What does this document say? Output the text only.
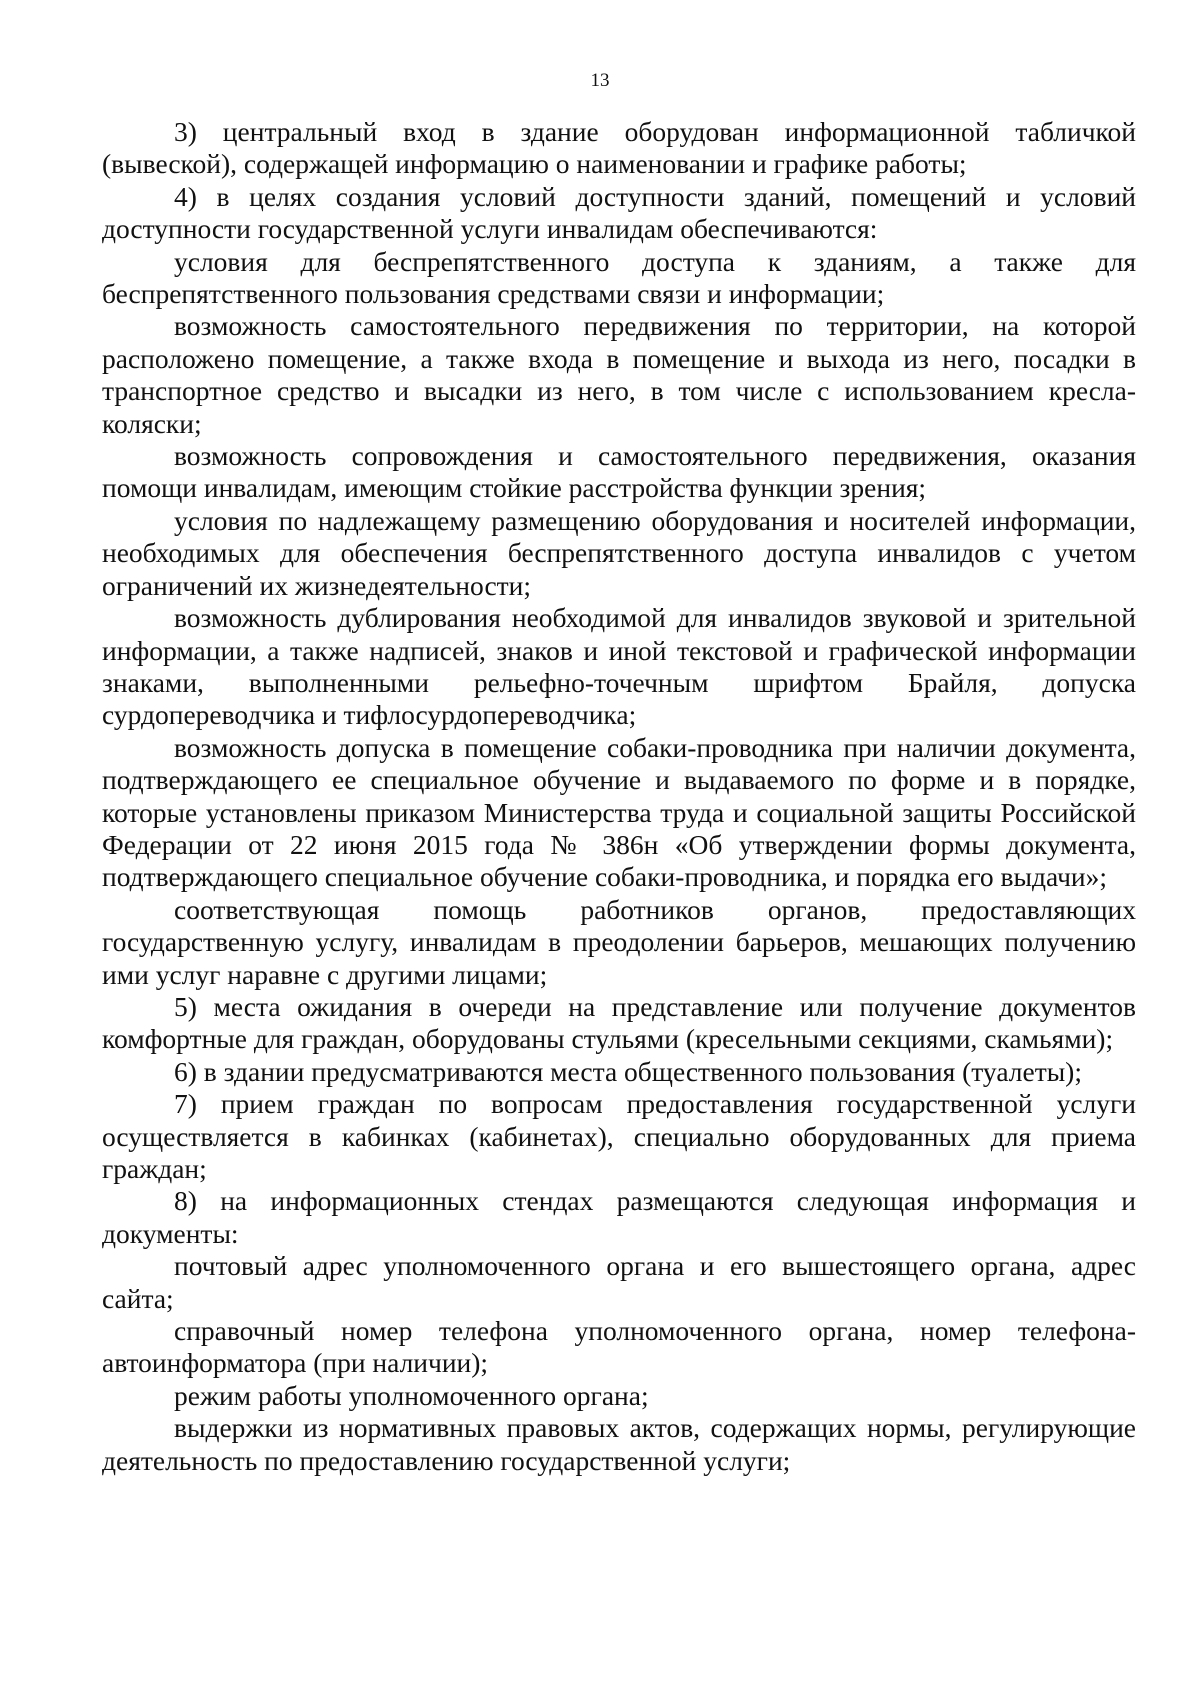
13

3) центральный вход в здание оборудован информационной табличкой (вывеской), содержащей информацию о наименовании и графике работы;

4) в целях создания условий доступности зданий, помещений и условий доступности государственной услуги инвалидам обеспечиваются:

условия для беспрепятственного доступа к зданиям, а также для беспрепятственного пользования средствами связи и информации;

возможность самостоятельного передвижения по территории, на которой расположено помещение, а также входа в помещение и выхода из него, посадки в транспортное средство и высадки из него, в том числе с использованием кресла-коляски;

возможность сопровождения и самостоятельного передвижения, оказания помощи инвалидам, имеющим стойкие расстройства функции зрения;

условия по надлежащему размещению оборудования и носителей информации, необходимых для обеспечения беспрепятственного доступа инвалидов с учетом ограничений их жизнедеятельности;

возможность дублирования необходимой для инвалидов звуковой и зрительной информации, а также надписей, знаков и иной текстовой и графической информации знаками, выполненными рельефно-точечным шрифтом Брайля, допуска сурдопереводчика и тифлосурдопереводчика;

возможность допуска в помещение собаки-проводника при наличии документа, подтверждающего ее специальное обучение и выдаваемого по форме и в порядке, которые установлены приказом Министерства труда и социальной защиты Российской Федерации от 22 июня 2015 года № 386н «Об утверждении формы документа, подтверждающего специальное обучение собаки-проводника, и порядка его выдачи»;

соответствующая помощь работников органов, предоставляющих государственную услугу, инвалидам в преодолении барьеров, мешающих получению ими услуг наравне с другими лицами;

5) места ожидания в очереди на представление или получение документов комфортные для граждан, оборудованы стульями (кресельными секциями, скамьями);

6) в здании предусматриваются места общественного пользования (туалеты);

7) прием граждан по вопросам предоставления государственной услуги осуществляется в кабинках (кабинетах), специально оборудованных для приема граждан;

8) на информационных стендах размещаются следующая информация и документы:

почтовый адрес уполномоченного органа и его вышестоящего органа, адрес сайта;

справочный номер телефона уполномоченного органа, номер телефона-автоинформатора (при наличии);

режим работы уполномоченного органа;

выдержки из нормативных правовых актов, содержащих нормы, регулирующие деятельность по предоставлению государственной услуги;
